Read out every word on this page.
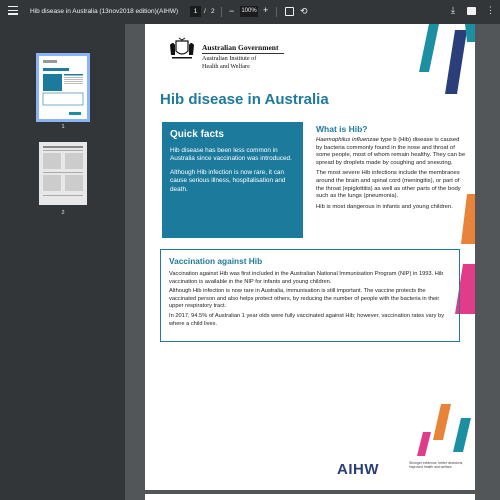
Hib disease in Australia (13nov2018 edition)(AIHW)	1	/ 2 − 100% +	⟲	⤓	⋮
1
2
Australian Government
Australian Institute of
Health and Welfare
Hib disease in Australia
Quick facts
Hib disease has been less common in Australia since vaccination was introduced.
Although Hib infection is now rare, it can cause serious illness, hospitalisation and death.
What is Hib?

Haemophilus influenzae type b (Hib) disease is caused by bacteria commonly found in the nose and throat of some people, most of whom remain healthy. They can be spread by droplets made by coughing and sneezing.

The most severe Hib infections include the membranes around the brain and spinal cord (meningitis), or part of the throat (epiglottitis) as well as other parts of the body such as the lungs (pneumonia).

Hib is most dangerous in infants and young children.

Vaccination against Hib
Vaccination against Hib was first included in the Australian National Immunisation Program (NIP) in 1993. Hib vaccination is available in the NIP for infants and young children.
Although Hib infection is now rare in Australia, immunisation is still important. The vaccine protects the vaccinated person and also helps protect others, by reducing the number of people with the bacteria in their upper respiratory tract.
In 2017, 94.5% of Australian 1 year olds were fully vaccinated against Hib; however, vaccination rates vary by where a child lives.
AIHW	Stronger evidence, better decisions, improved health and welfare
